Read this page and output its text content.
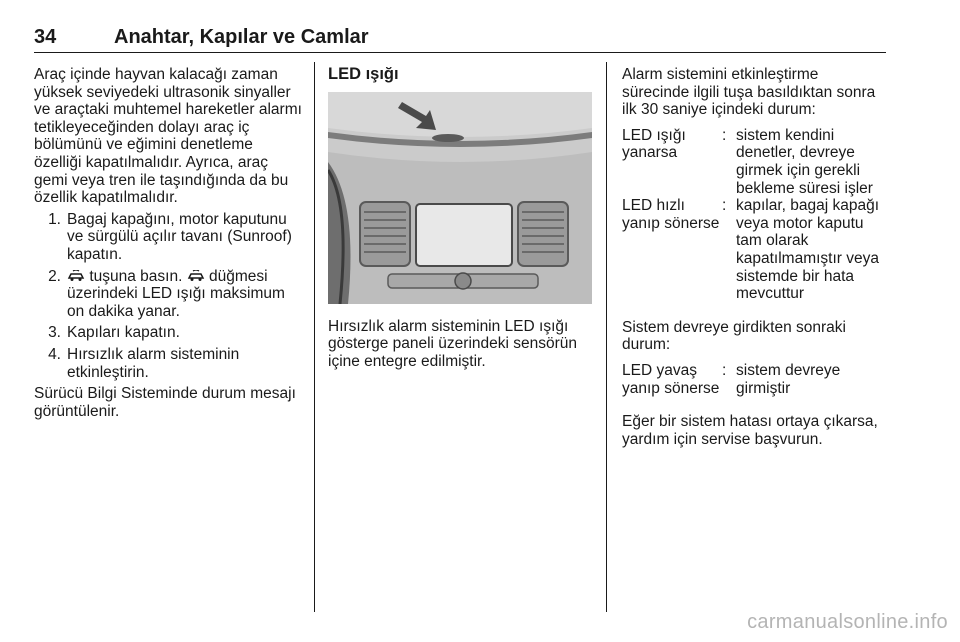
34	Anahtar, Kapılar ve Camlar

Araç içinde hayvan kalacağı zaman yüksek seviyedeki ultrasonik sinyaller ve araçtaki muhtemel hareketler alarmı tetikleyeceğinden dolayı araç iç bölümünü ve eğimini denetleme özelliği kapatılmalıdır. Ayrıca, araç gemi veya tren ile taşındığında da bu özellik kapatılmalıdır.

1. Bagaj kapağını, motor kaputunu ve sürgülü açılır tavanı (Sunroof) kapatın.
2.	tuşuna basın. düğmesi üzerindeki LED ışığı maksimum on dakika yanar.
3. Kapıları kapatın.
4. Hırsızlık alarm sisteminin etkinleştirin.

Sürücü Bilgi Sisteminde durum mesajı görüntülenir.

LED ışığı

Hırsızlık alarm sisteminin LED ışığı gösterge paneli üzerindeki sensörün içine entegre edilmiştir.

Alarm sistemini etkinleştirme sürecinde ilgili tuşa basıldıktan sonra ilk 30 saniye içindeki durum:

LED ışığı yanarsa
: sistem kendini denetler, devreye girmek için gerekli bekleme süresi işler
LED hızlı yanıp sönerse
: kapılar, bagaj kapağı veya motor kaputu tam olarak kapatılmamıştır veya sistemde bir hata mevcuttur

Sistem devreye girdikten sonraki durum:

LED yavaş yanıp sönerse
: sistem devreye girmiştir

Eğer bir sistem hatası ortaya çıkarsa, yardım için servise başvurun.

carmanualsonline.info
